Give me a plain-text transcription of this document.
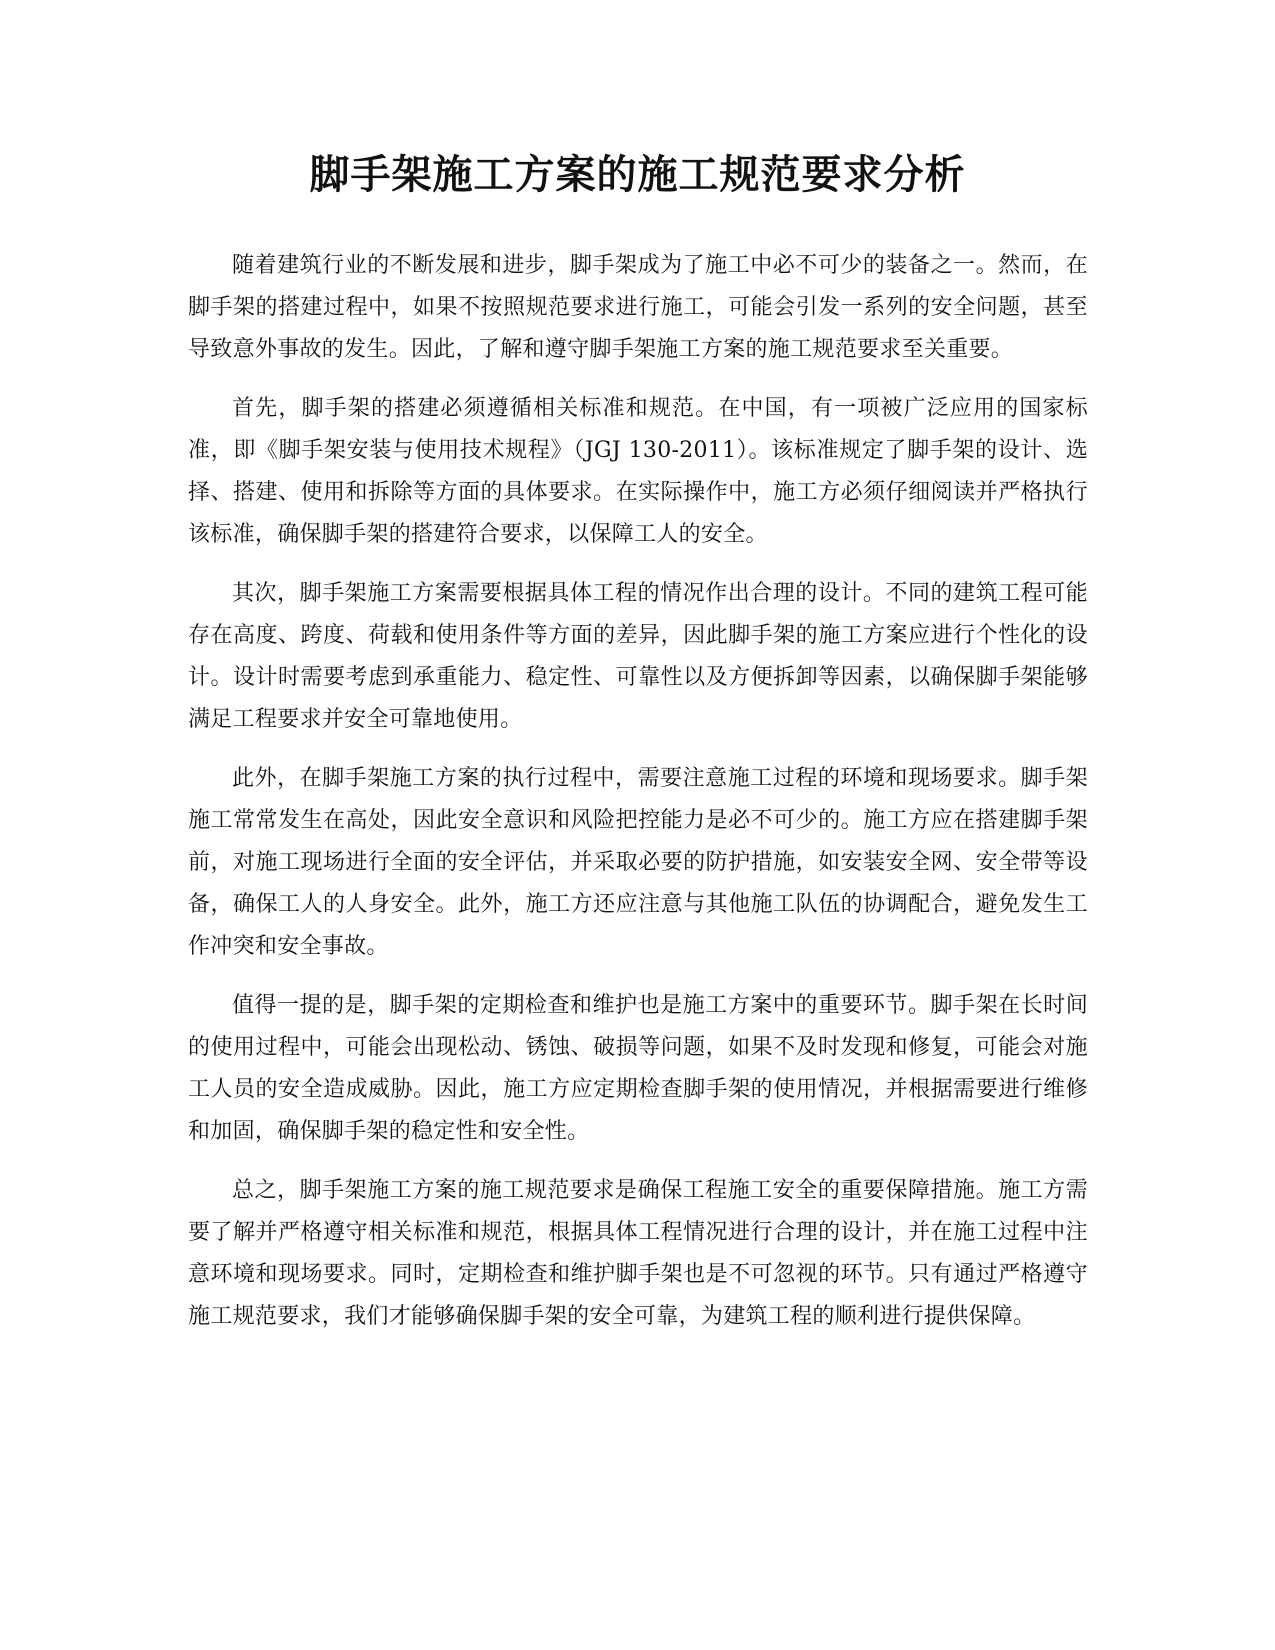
脚手架施工方案的施工规范要求分析

随着建筑行业的不断发展和进步，脚手架成为了施工中必不可少的装备之一。然而，在脚手架的搭建过程中，如果不按照规范要求进行施工，可能会引发一系列的安全问题，甚至导致意外事故的发生。因此，了解和遵守脚手架施工方案的施工规范要求至关重要。

首先，脚手架的搭建必须遵循相关标准和规范。在中国，有一项被广泛应用的国家标准，即《脚手架安装与使用技术规程》（JGJ 130-2011）。该标准规定了脚手架的设计、选择、搭建、使用和拆除等方面的具体要求。在实际操作中，施工方必须仔细阅读并严格执行该标准，确保脚手架的搭建符合要求，以保障工人的安全。

其次，脚手架施工方案需要根据具体工程的情况作出合理的设计。不同的建筑工程可能存在高度、跨度、荷载和使用条件等方面的差异，因此脚手架的施工方案应进行个性化的设计。设计时需要考虑到承重能力、稳定性、可靠性以及方便拆卸等因素，以确保脚手架能够满足工程要求并安全可靠地使用。

此外，在脚手架施工方案的执行过程中，需要注意施工过程的环境和现场要求。脚手架施工常常发生在高处，因此安全意识和风险把控能力是必不可少的。施工方应在搭建脚手架前，对施工现场进行全面的安全评估，并采取必要的防护措施，如安装安全网、安全带等设备，确保工人的人身安全。此外，施工方还应注意与其他施工队伍的协调配合，避免发生工作冲突和安全事故。

值得一提的是，脚手架的定期检查和维护也是施工方案中的重要环节。脚手架在长时间的使用过程中，可能会出现松动、锈蚀、破损等问题，如果不及时发现和修复，可能会对施工人员的安全造成威胁。因此，施工方应定期检查脚手架的使用情况，并根据需要进行维修和加固，确保脚手架的稳定性和安全性。

总之，脚手架施工方案的施工规范要求是确保工程施工安全的重要保障措施。施工方需要了解并严格遵守相关标准和规范，根据具体工程情况进行合理的设计，并在施工过程中注意环境和现场要求。同时，定期检查和维护脚手架也是不可忽视的环节。只有通过严格遵守施工规范要求，我们才能够确保脚手架的安全可靠，为建筑工程的顺利进行提供保障。
